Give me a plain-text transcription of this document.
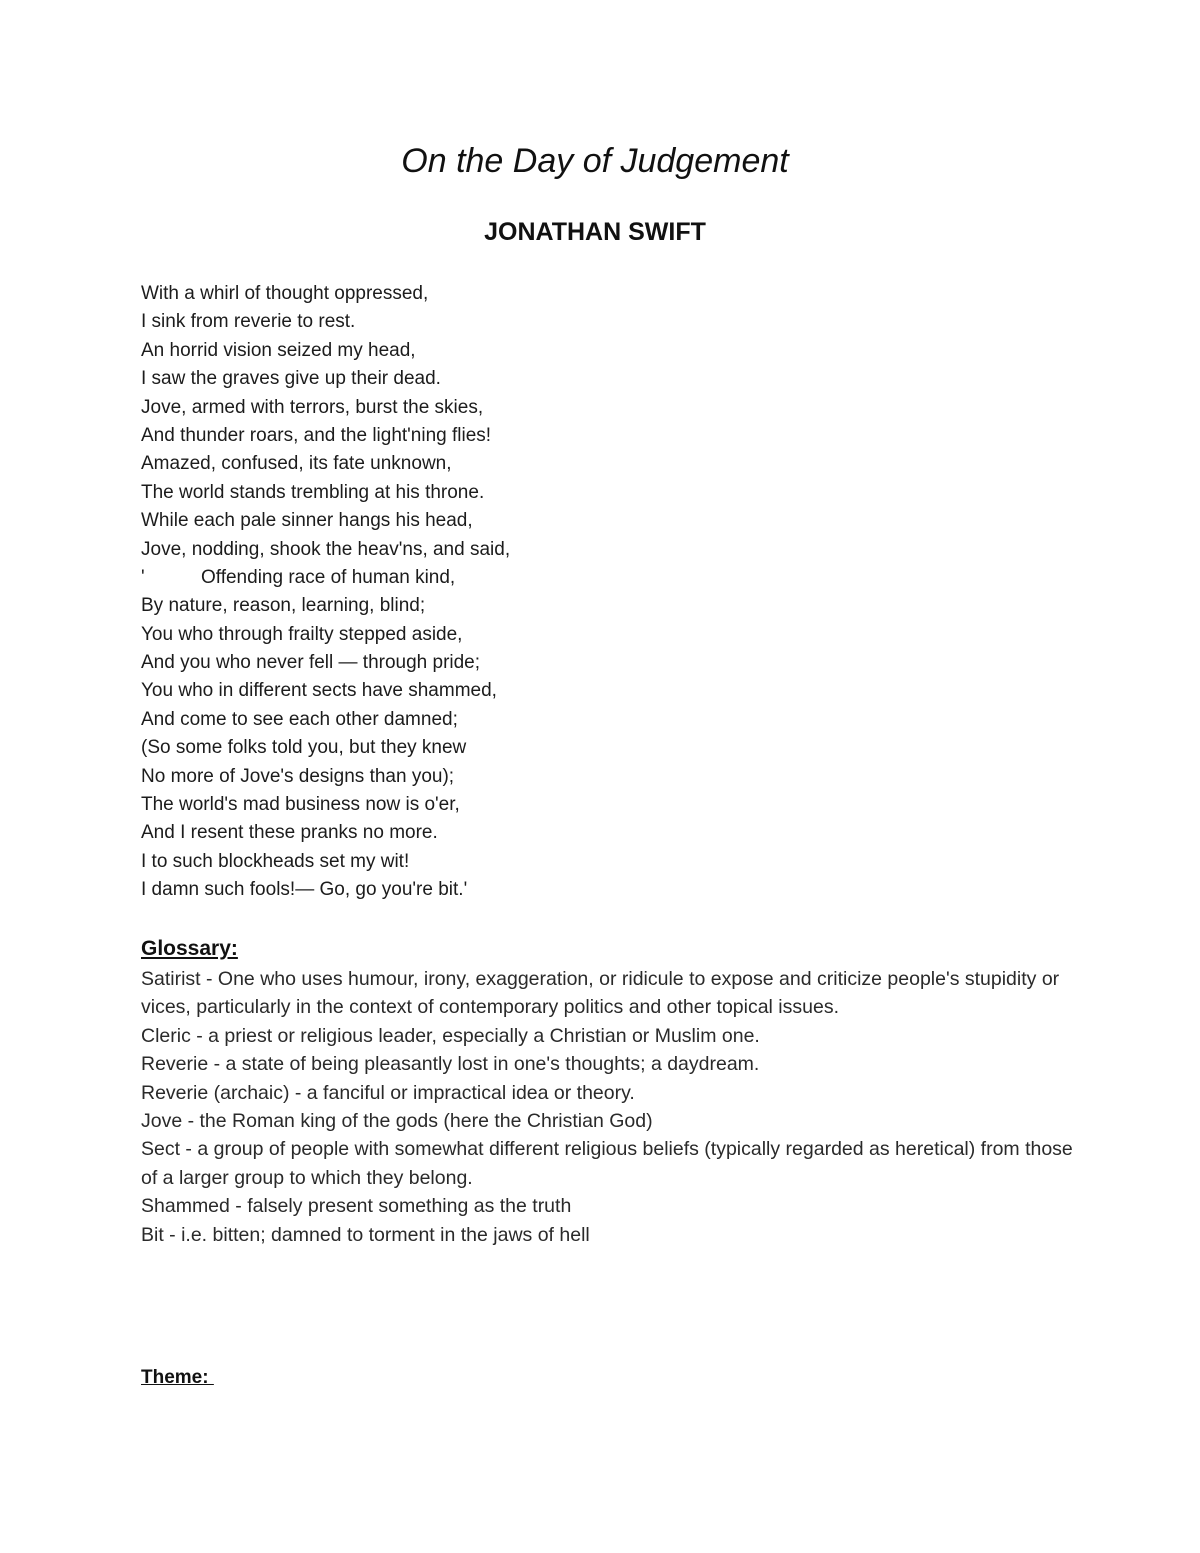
On the Day of Judgement
JONATHAN SWIFT
With a whirl of thought oppressed,
I sink from reverie to rest.
An horrid vision seized my head,
I saw the graves give up their dead.
Jove, armed with terrors, burst the skies,
And thunder roars, and the light'ning flies!
Amazed, confused, its fate unknown,
The world stands trembling at his throne.
While each pale sinner hangs his head,
Jove, nodding, shook the heav'ns, and said,
'	Offending race of human kind,
By nature, reason, learning, blind;
You who through frailty stepped aside,
And you who never fell — through pride;
You who in different sects have shammed,
And come to see each other damned;
(So some folks told you, but they knew
No more of Jove's designs than you);
The world's mad business now is o'er,
And I resent these pranks no more.
I to such blockheads set my wit!
I damn such fools!— Go, go you're bit.'
Glossary:
Satirist - One who uses humour, irony, exaggeration, or ridicule to expose and criticize people's stupidity or vices, particularly in the context of contemporary politics and other topical issues.
Cleric - a priest or religious leader, especially a Christian or Muslim one.
Reverie - a state of being pleasantly lost in one's thoughts; a daydream.
Reverie (archaic) - a fanciful or impractical idea or theory.
Jove - the Roman king of the gods (here the Christian God)
Sect - a group of people with somewhat different religious beliefs (typically regarded as heretical) from those of a larger group to which they belong.
Shammed - falsely present something as the truth
Bit - i.e. bitten; damned to torment in the jaws of hell
Theme:
